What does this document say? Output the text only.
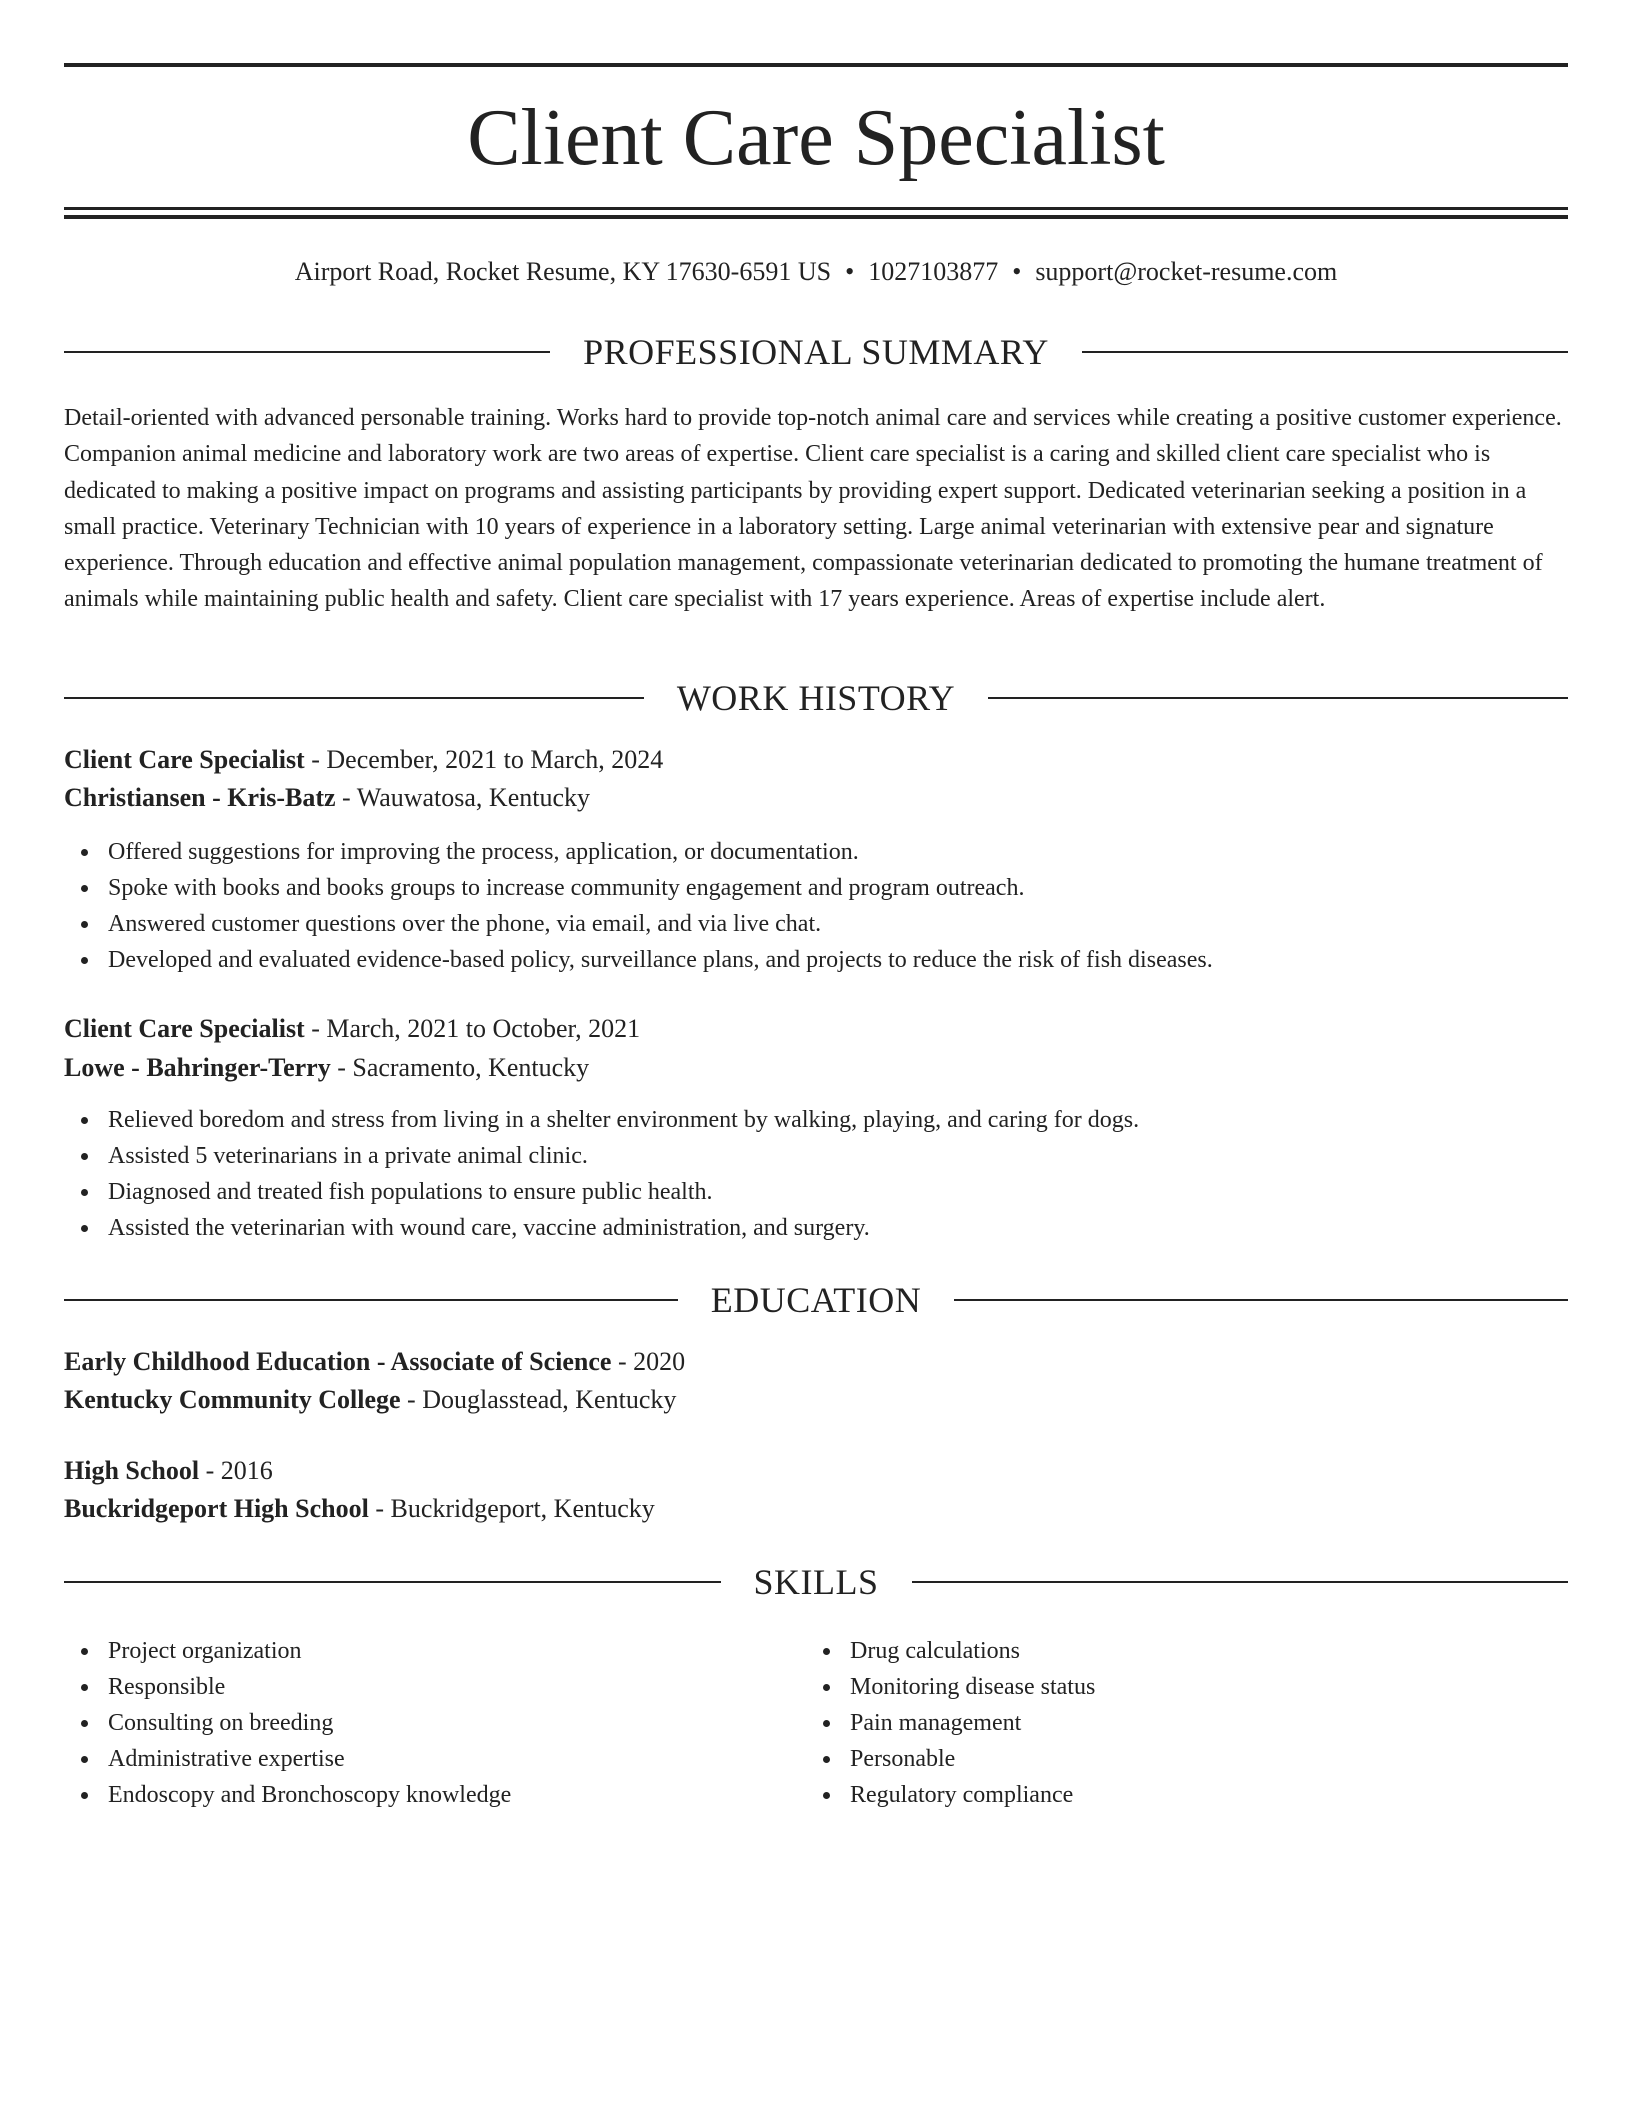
Client Care Specialist
Airport Road, Rocket Resume, KY 17630-6591 US • 1027103877 • support@rocket-resume.com
PROFESSIONAL SUMMARY

Detail-oriented with advanced personable training. Works hard to provide top-notch animal care and services while creating a positive customer experience. Companion animal medicine and laboratory work are two areas of expertise. Client care specialist is a caring and skilled client care specialist who is dedicated to making a positive impact on programs and assisting participants by providing expert support. Dedicated veterinarian seeking a position in a small practice. Veterinary Technician with 10 years of experience in a laboratory setting. Large animal veterinarian with extensive pear and signature experience. Through education and effective animal population management, compassionate veterinarian dedicated to promoting the humane treatment of animals while maintaining public health and safety. Client care specialist with 17 years experience. Areas of expertise include alert.

WORK HISTORY
Client Care Specialist - December, 2021 to March, 2024
Christiansen - Kris-Batz - Wauwatosa, Kentucky
Offered suggestions for improving the process, application, or documentation.
Spoke with books and books groups to increase community engagement and program outreach.
Answered customer questions over the phone, via email, and via live chat.
Developed and evaluated evidence-based policy, surveillance plans, and projects to reduce the risk of fish diseases.
Client Care Specialist - March, 2021 to October, 2021
Lowe - Bahringer-Terry - Sacramento, Kentucky
Relieved boredom and stress from living in a shelter environment by walking, playing, and caring for dogs.
Assisted 5 veterinarians in a private animal clinic.
Diagnosed and treated fish populations to ensure public health.
Assisted the veterinarian with wound care, vaccine administration, and surgery.
EDUCATION
Early Childhood Education - Associate of Science - 2020
Kentucky Community College - Douglasstead, Kentucky
High School - 2016
Buckridgeport High School - Buckridgeport, Kentucky
SKILLS
Project organization
Responsible
Consulting on breeding
Administrative expertise
Endoscopy and Bronchoscopy knowledge
Drug calculations
Monitoring disease status
Pain management
Personable
Regulatory compliance
